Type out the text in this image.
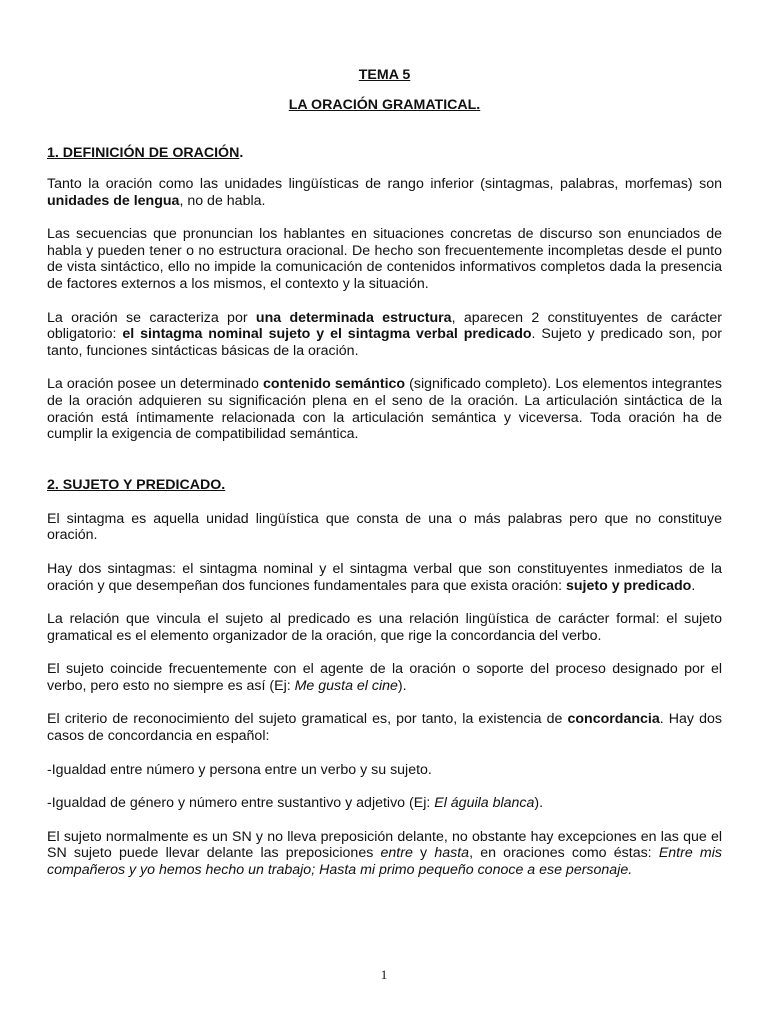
TEMA 5
LA ORACIÓN GRAMATICAL.
1. DEFINICIÓN DE ORACIÓN.

Tanto la oración como las unidades lingüísticas de rango inferior (sintagmas, palabras, morfemas) son unidades de lengua, no de habla.

Las secuencias que pronuncian los hablantes en situaciones concretas de discurso son enunciados de habla y pueden tener o no estructura oracional. De hecho son frecuentemente incompletas desde el punto de vista sintáctico, ello no impide la comunicación de contenidos informativos completos dada la presencia de factores externos a los mismos, el contexto y la situación.

La oración se caracteriza por una determinada estructura, aparecen 2 constituyentes de carácter obligatorio: el sintagma nominal sujeto y el sintagma verbal predicado. Sujeto y predicado son, por tanto, funciones sintácticas básicas de la oración.

La oración posee un determinado contenido semántico (significado completo). Los elementos integrantes de la oración adquieren su significación plena en el seno de la oración. La articulación sintáctica de la oración está íntimamente relacionada con la articulación semántica y viceversa. Toda oración ha de cumplir la exigencia de compatibilidad semántica.

2. SUJETO Y PREDICADO.

El sintagma es aquella unidad lingüística que consta de una o más palabras pero que no constituye oración.

Hay dos sintagmas: el sintagma nominal y el sintagma verbal que son constituyentes inmediatos de la oración y que desempeñan dos funciones fundamentales para que exista oración: sujeto y predicado.

La relación que vincula el sujeto al predicado es una relación lingüística de carácter formal: el sujeto gramatical es el elemento organizador de la oración, que rige la concordancia del verbo.

El sujeto coincide frecuentemente con el agente de la oración o soporte del proceso designado por el verbo, pero esto no siempre es así (Ej: Me gusta el cine).

El criterio de reconocimiento del sujeto gramatical es, por tanto, la existencia de concordancia. Hay dos casos de concordancia en español:

-Igualdad entre número y persona entre un verbo y su sujeto.

-Igualdad de género y número entre sustantivo y adjetivo (Ej: El águila blanca).

El sujeto normalmente es un SN y no lleva preposición delante, no obstante hay excepciones en las que el SN sujeto puede llevar delante las preposiciones entre y hasta, en oraciones como éstas: Entre mis compañeros y yo hemos hecho un trabajo; Hasta mi primo pequeño conoce a ese personaje.

1
